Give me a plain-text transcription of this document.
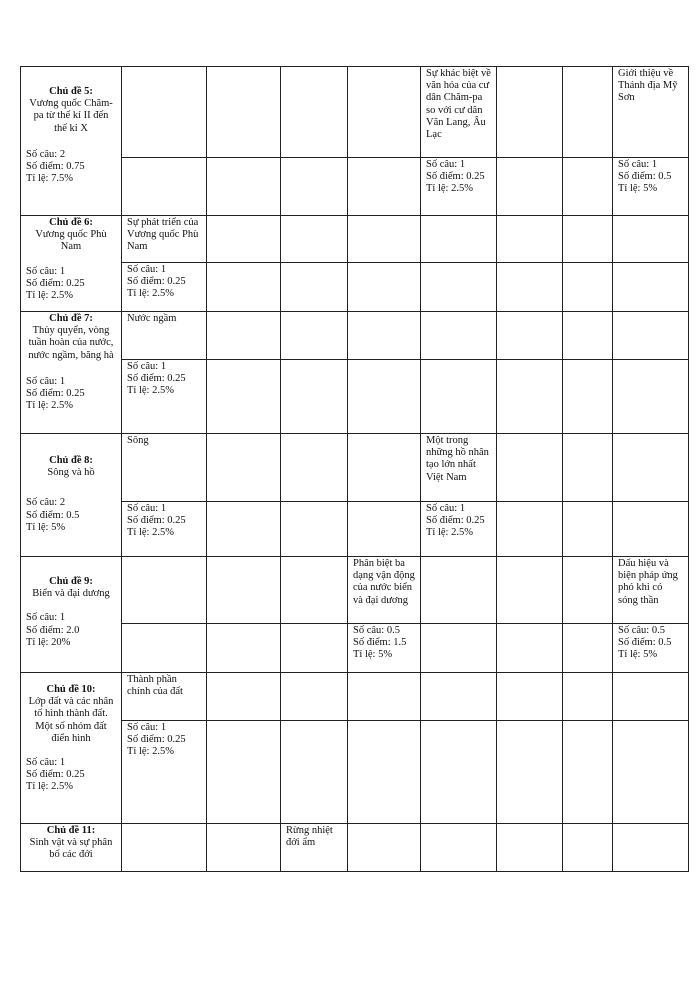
Chủ đề 5:
Vương quốc Chăm-pa từ thế kỉ II đến thế kỉ X
Số câu: 2
Số điểm: 0.75
Tỉ lệ: 7.5%					Sự khác biệt về văn hóa của cư dân Chăm-pa so với cư dân Văn Lang, Âu Lạc			Giới thiệu về Thánh địa Mỹ Sơn

					Số câu: 1
Số điểm: 0.25
Tỉ lệ: 2.5%			Số câu: 1
Số điểm: 0.5
Tỉ lệ: 5%

Chủ đề 6:
Vương quốc Phù Nam
Số câu: 1
Số điểm: 0.25
Tỉ lệ: 2.5%	Sự phát triển của Vương quốc Phù Nam							

	Số câu: 1
Số điểm: 0.25
Tỉ lệ: 2.5%							

Chủ đề 7:
Thủy quyển, vòng tuần hoàn của nước, nước ngầm, băng hà
Số câu: 1
Số điểm: 0.25
Tỉ lệ: 2.5%	Nước ngầm							

	Số câu: 1
Số điểm: 0.25
Tỉ lệ: 2.5%							

Chủ đề 8:
Sông và hồ
Số câu: 2
Số điểm: 0.5
Tỉ lệ: 5%	Sông				Một trong những hồ nhân tạo lớn nhất Việt Nam			

	Số câu: 1
Số điểm: 0.25
Tỉ lệ: 2.5%				Số câu: 1
Số điểm: 0.25
Tỉ lệ: 2.5%			

Chủ đề 9:
Biển và đại dương
Số câu: 1
Số điểm: 2.0
Tỉ lệ: 20%				Phân biệt ba dạng vận động của nước biển và đại dương				Dấu hiệu và biện pháp ứng phó khi có sóng thần

				Số câu: 0.5
Số điểm: 1.5
Tỉ lệ: 5%				Số câu: 0.5
Số điểm: 0.5
Tỉ lệ: 5%

Chủ đề 10:
Lớp đất và các nhân tố hình thành đất. Một số nhóm đất điển hình
Số câu: 1
Số điểm: 0.25
Tỉ lệ: 2.5%	Thành phần chính của đất							

	Số câu: 1
Số điểm: 0.25
Tỉ lệ: 2.5%							

Chủ đề 11:
Sinh vật và sự phân bố các đới			Rừng nhiệt đới ẩm					
